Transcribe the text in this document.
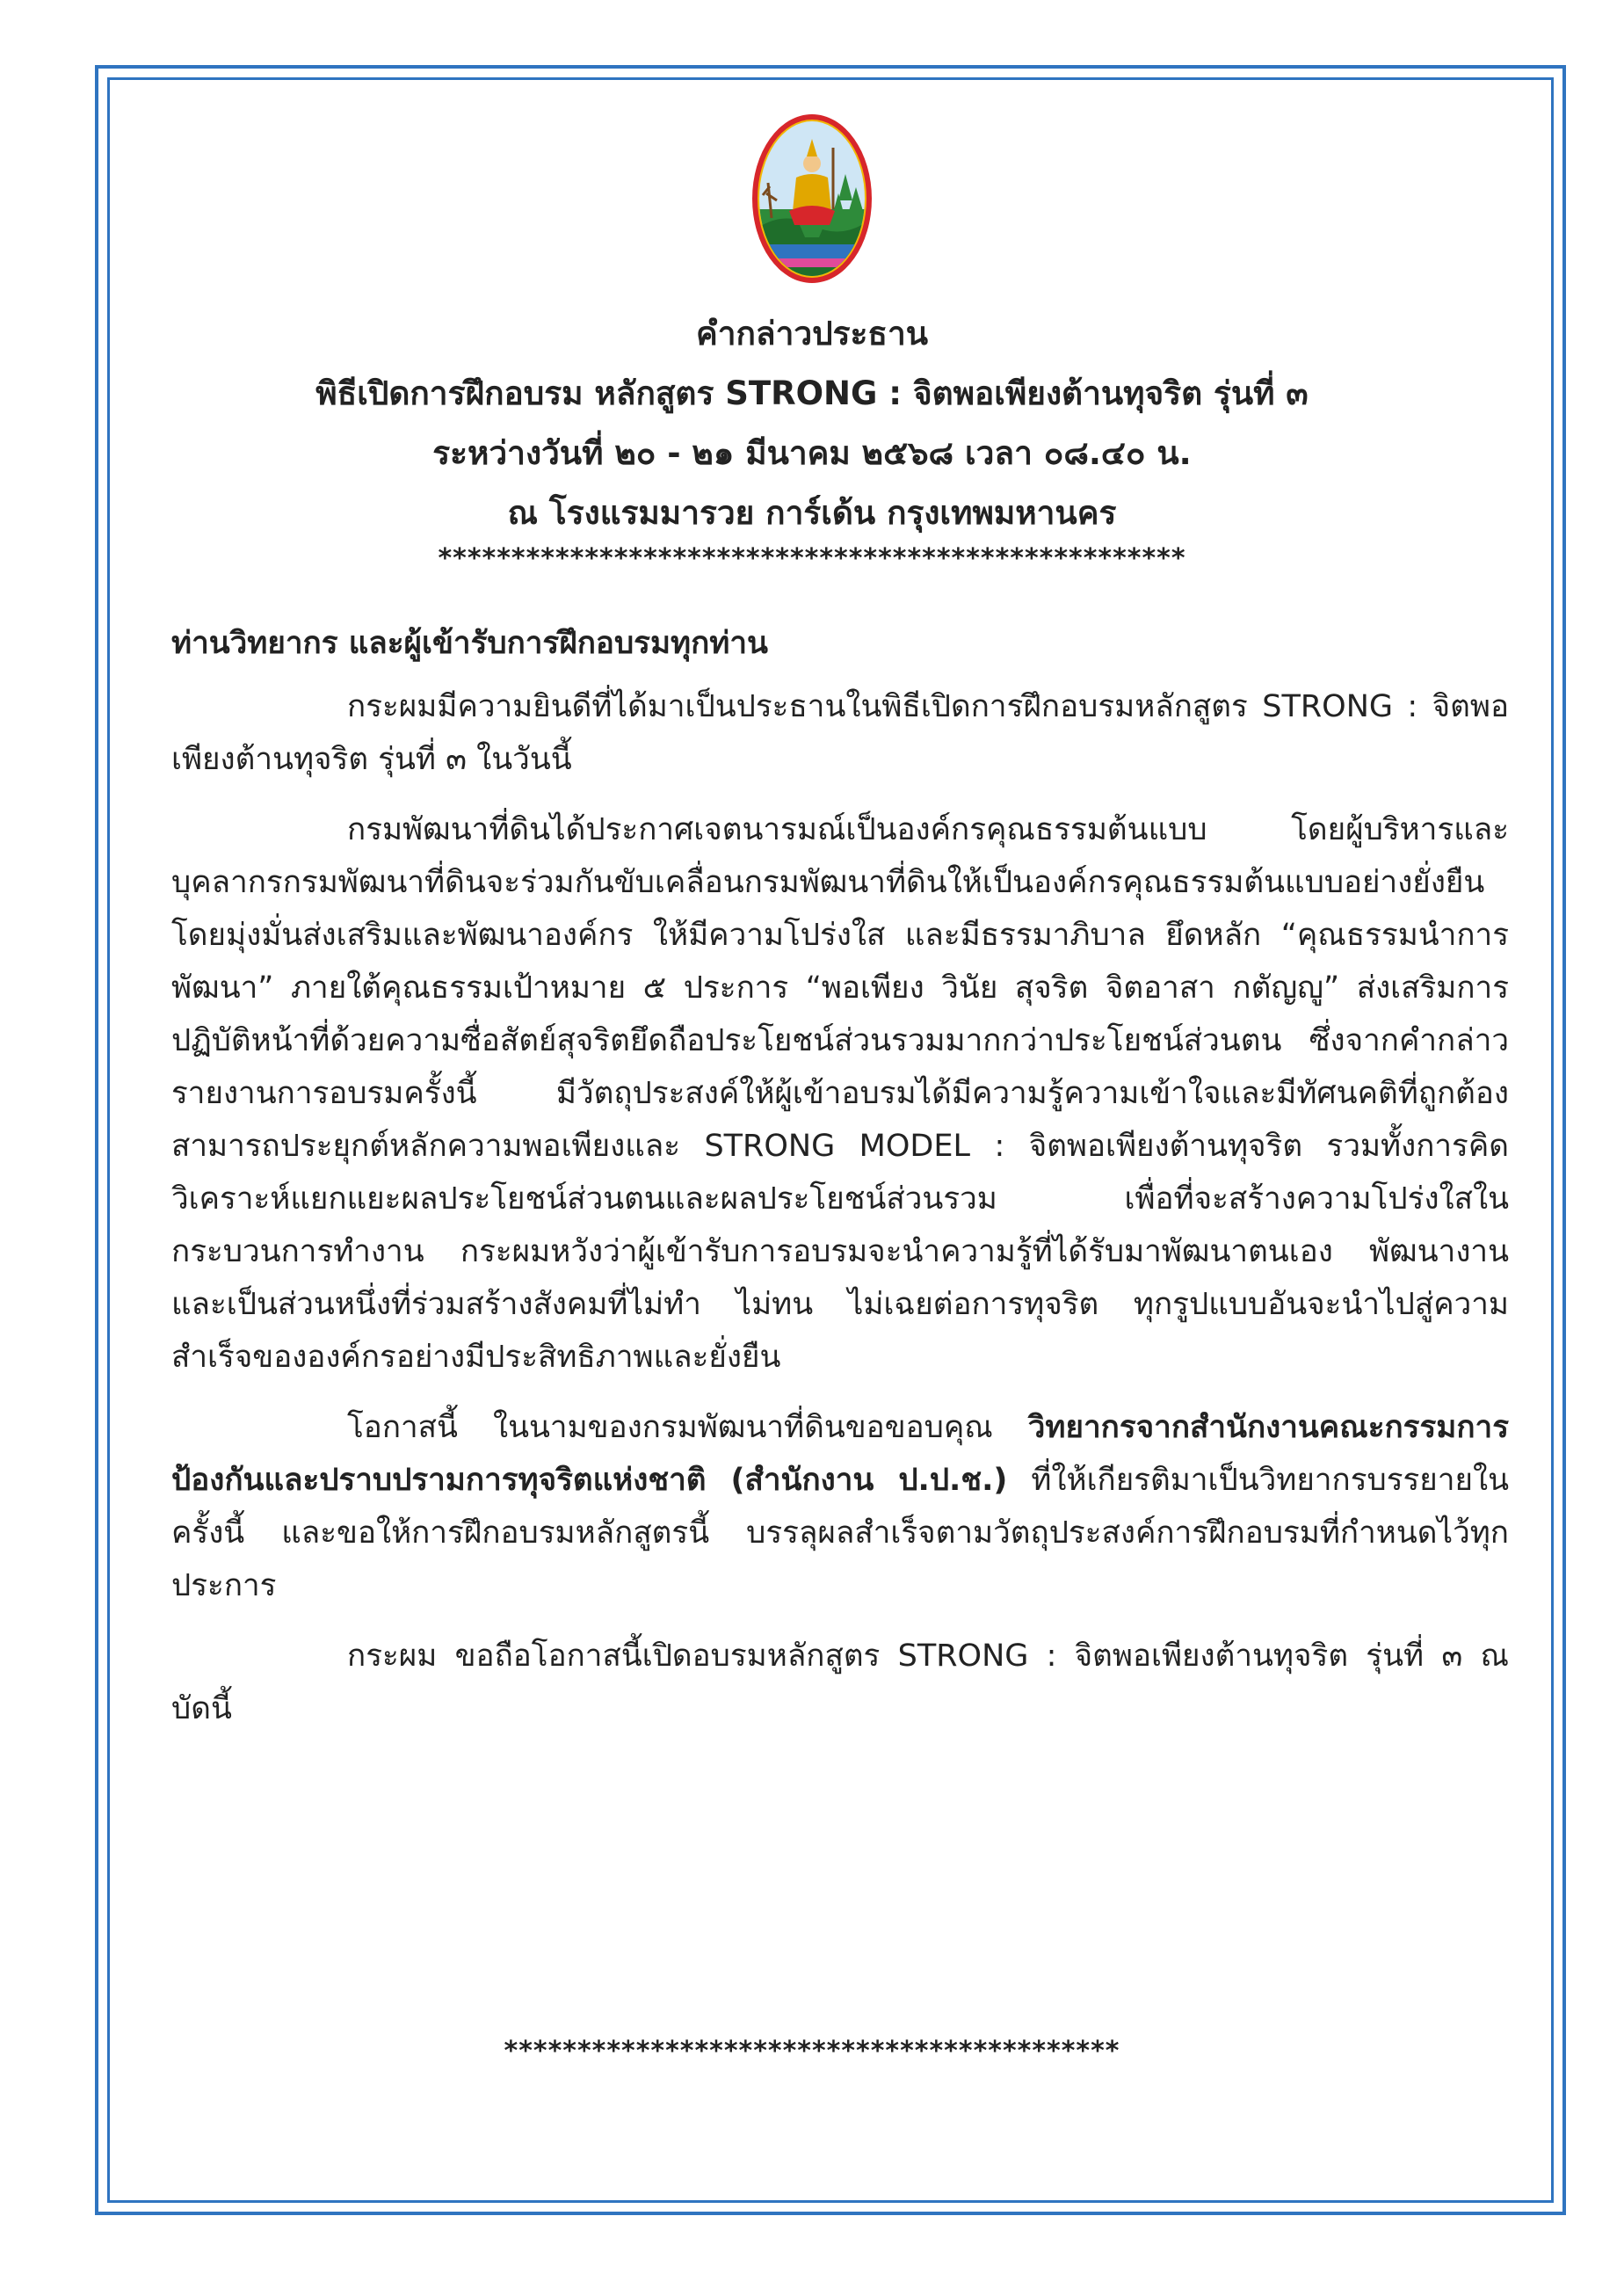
คำกล่าวประธาน
พิธีเปิดการฝึกอบรม หลักสูตร STRONG : จิตพอเพียงต้านทุจริต รุ่นที่ ๓
ระหว่างวันที่ ๒๐ - ๒๑ มีนาคม ๒๕๖๘ เวลา ๐๘.๔๐ น.
ณ โรงแรมมารวย การ์เด้น กรุงเทพมหานคร
***************************************************

ท่านวิทยากร และผู้เข้ารับการฝึกอบรมทุกท่าน

กระผมมีความยินดีที่ได้มาเป็นประธานในพิธีเปิดการฝึกอบรมหลักสูตร STRONG : จิตพอเพียงต้านทุจริต รุ่นที่ ๓ ในวันนี้

กรมพัฒนาที่ดินได้ประกาศเจตนารมณ์เป็นองค์กรคุณธรรมต้นแบบ โดยผู้บริหารและบุคลากรกรมพัฒนาที่ดินจะร่วมกันขับเคลื่อนกรมพัฒนาที่ดินให้เป็นองค์กรคุณธรรมต้นแบบอย่างยั่งยืน โดยมุ่งมั่นส่งเสริมและพัฒนาองค์กร ให้มีความโปร่งใส และมีธรรมาภิบาล ยึดหลัก “คุณธรรมนำการพัฒนา” ภายใต้คุณธรรมเป้าหมาย ๕ ประการ “พอเพียง วินัย สุจริต จิตอาสา กตัญญู” ส่งเสริมการปฏิบัติหน้าที่ด้วยความซื่อสัตย์สุจริตยึดถือประโยชน์ส่วนรวมมากกว่าประโยชน์ส่วนตน ซึ่งจากคำกล่าวรายงานการอบรมครั้งนี้ มีวัตถุประสงค์ให้ผู้เข้าอบรมได้มีความรู้ความเข้าใจและมีทัศนคติที่ถูกต้อง สามารถประยุกต์หลักความพอเพียงและ STRONG MODEL : จิตพอเพียงต้านทุจริต รวมทั้งการคิดวิเคราะห์แยกแยะผลประโยชน์ส่วนตนและผลประโยชน์ส่วนรวม เพื่อที่จะสร้างความโปร่งใสในกระบวนการทำงาน กระผมหวังว่าผู้เข้ารับการอบรมจะนำความรู้ที่ได้รับมาพัฒนาตนเอง พัฒนางาน และเป็นส่วนหนึ่งที่ร่วมสร้างสังคมที่ไม่ทำ ไม่ทน ไม่เฉยต่อการทุจริต ทุกรูปแบบอันจะนำไปสู่ความสำเร็จขององค์กรอย่างมีประสิทธิภาพและยั่งยืน

โอกาสนี้ ในนามของกรมพัฒนาที่ดินขอขอบคุณ วิทยากรจากสำนักงานคณะกรรมการป้องกันและปราบปรามการทุจริตแห่งชาติ (สำนักงาน ป.ป.ช.) ที่ให้เกียรติมาเป็นวิทยากรบรรยายในครั้งนี้ และขอให้การฝึกอบรมหลักสูตรนี้ บรรลุผลสำเร็จตามวัตถุประสงค์การฝึกอบรมที่กำหนดไว้ทุกประการ

กระผม ขอถือโอกาสนี้เปิดอบรมหลักสูตร STRONG : จิตพอเพียงต้านทุจริต รุ่นที่ ๓ ณ บัดนี้

******************************************
